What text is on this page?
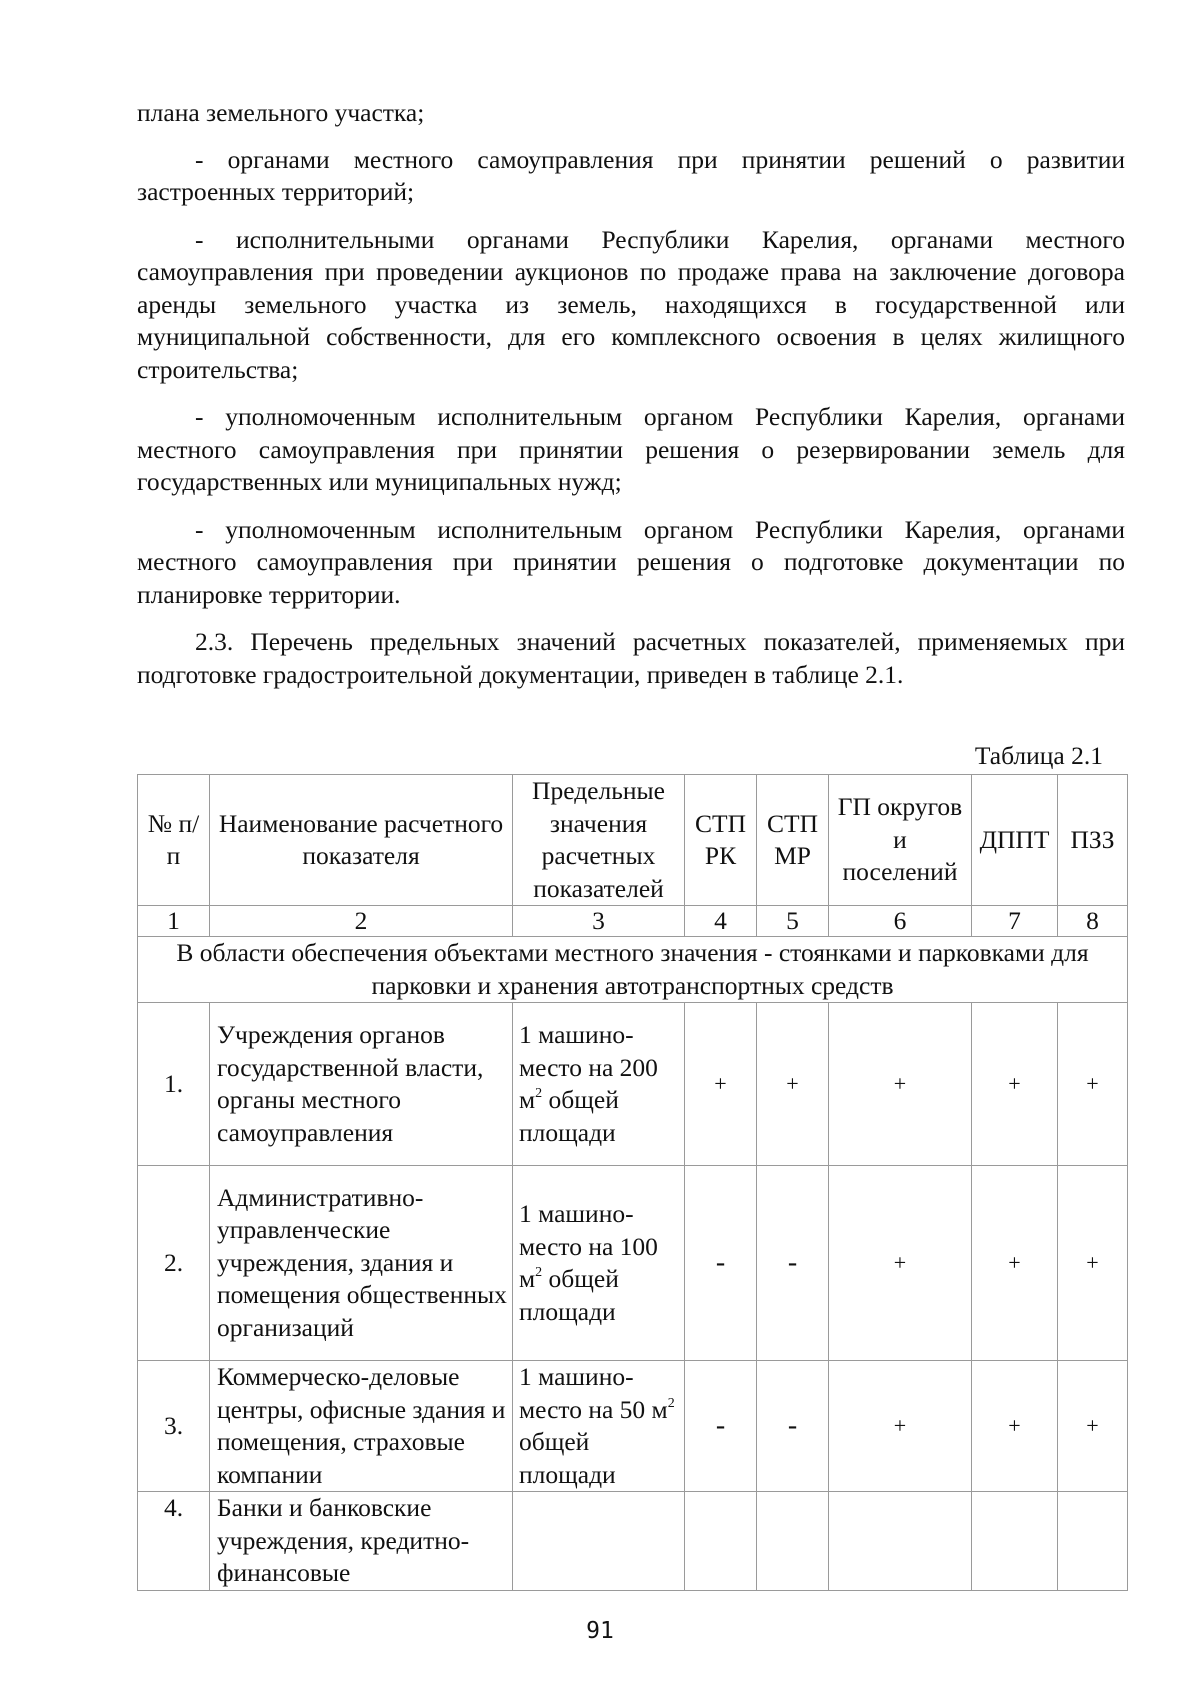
плана земельного участка;

- органами местного самоуправления при принятии решений о развитии застроенных территорий;

- исполнительными органами Республики Карелия, органами местного самоуправления при проведении аукционов по продаже права на заключение договора аренды земельного участка из земель, находящихся в государственной или муниципальной собственности, для его комплексного освоения в целях жилищного строительства;

- уполномоченным исполнительным органом Республики Карелия, органами местного самоуправления при принятии решения о резервировании земель для государственных или муниципальных нужд;

- уполномоченным исполнительным органом Республики Карелия, органами местного самоуправления при принятии решения о подготовке документации по планировке территории.

2.3. Перечень предельных значений расчетных показателей, применяемых при подготовке градостроительной документации, приведен в таблице 2.1.

Таблица 2.1
№ п/п	Наименование расчетного показателя	Предельные значения расчетных показателей	СТП РК	СТП МР	ГП округов и поселений	ДППТ	ПЗЗ
1	2	3	4	5	6	7	8
В области обеспечения объектами местного значения - стоянками и парковками для парковки и хранения автотранспортных средств							
1.	Учреждения органов государственной власти, органы местного самоуправления	1 машино-место на 200 $м^2$ общей площади	+	+	+	+	+
2.	Административно-управленческие учреждения, здания и помещения общественных организаций	1 машино-место на 100 $м^2$ общей площади	-	-	+	+	+
3.	Коммерческо-деловые центры, офисные здания и помещения, страховые компании	1 машино-место на 50 $м^2$ общей площади	-	-	+	+	+
4.	Банки и банковские учреждения, кредитно-финансовые						
91
